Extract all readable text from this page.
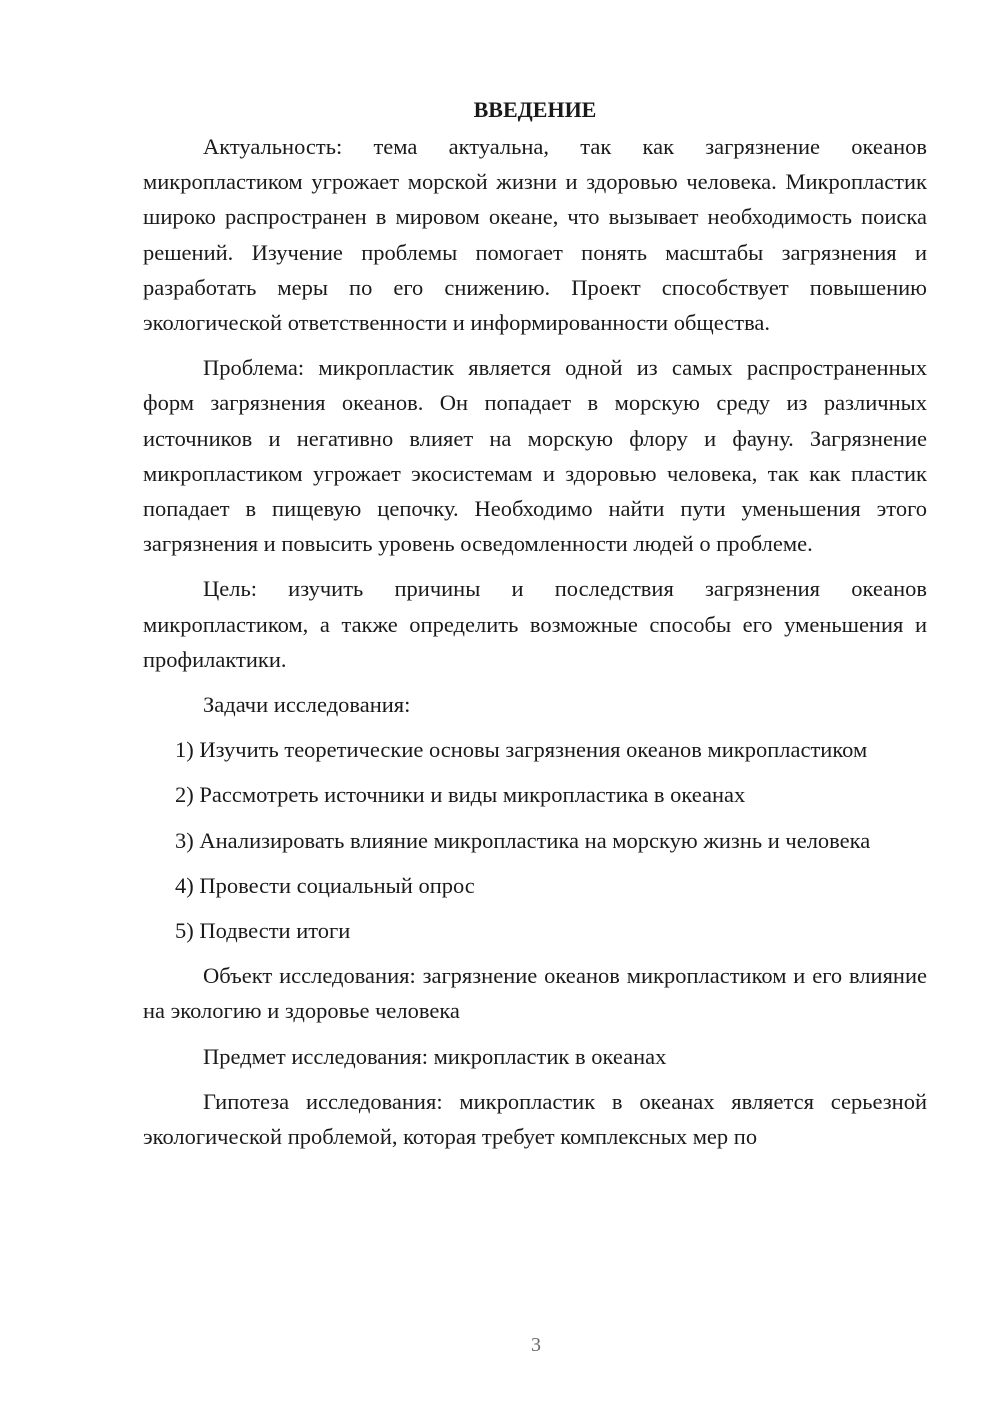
ВВЕДЕНИЕ

Актуальность: тема актуальна, так как загрязнение океанов микропластиком угрожает морской жизни и здоровью человека. Микропластик широко распространен в мировом океане, что вызывает необходимость поиска решений. Изучение проблемы помогает понять масштабы загрязнения и разработать меры по его снижению. Проект способствует повышению экологической ответственности и информированности общества.

Проблема: микропластик является одной из самых распространенных форм загрязнения океанов. Он попадает в морскую среду из различных источников и негативно влияет на морскую флору и фауну. Загрязнение микропластиком угрожает экосистемам и здоровью человека, так как пластик попадает в пищевую цепочку. Необходимо найти пути уменьшения этого загрязнения и повысить уровень осведомленности людей о проблеме.

Цель: изучить причины и последствия загрязнения океанов микропластиком, а также определить возможные способы его уменьшения и профилактики.

Задачи исследования:

1) Изучить теоретические основы загрязнения океанов микропластиком

2) Рассмотреть источники и виды микропластика в океанах

3) Анализировать влияние микропластика на морскую жизнь и человека

4) Провести социальный опрос

5) Подвести итоги

Объект исследования: загрязнение океанов микропластиком и его влияние на экологию и здоровье человека

Предмет исследования: микропластик в океанах

Гипотеза исследования: микропластик в океанах является серьезной экологической проблемой, которая требует комплексных мер по

3
